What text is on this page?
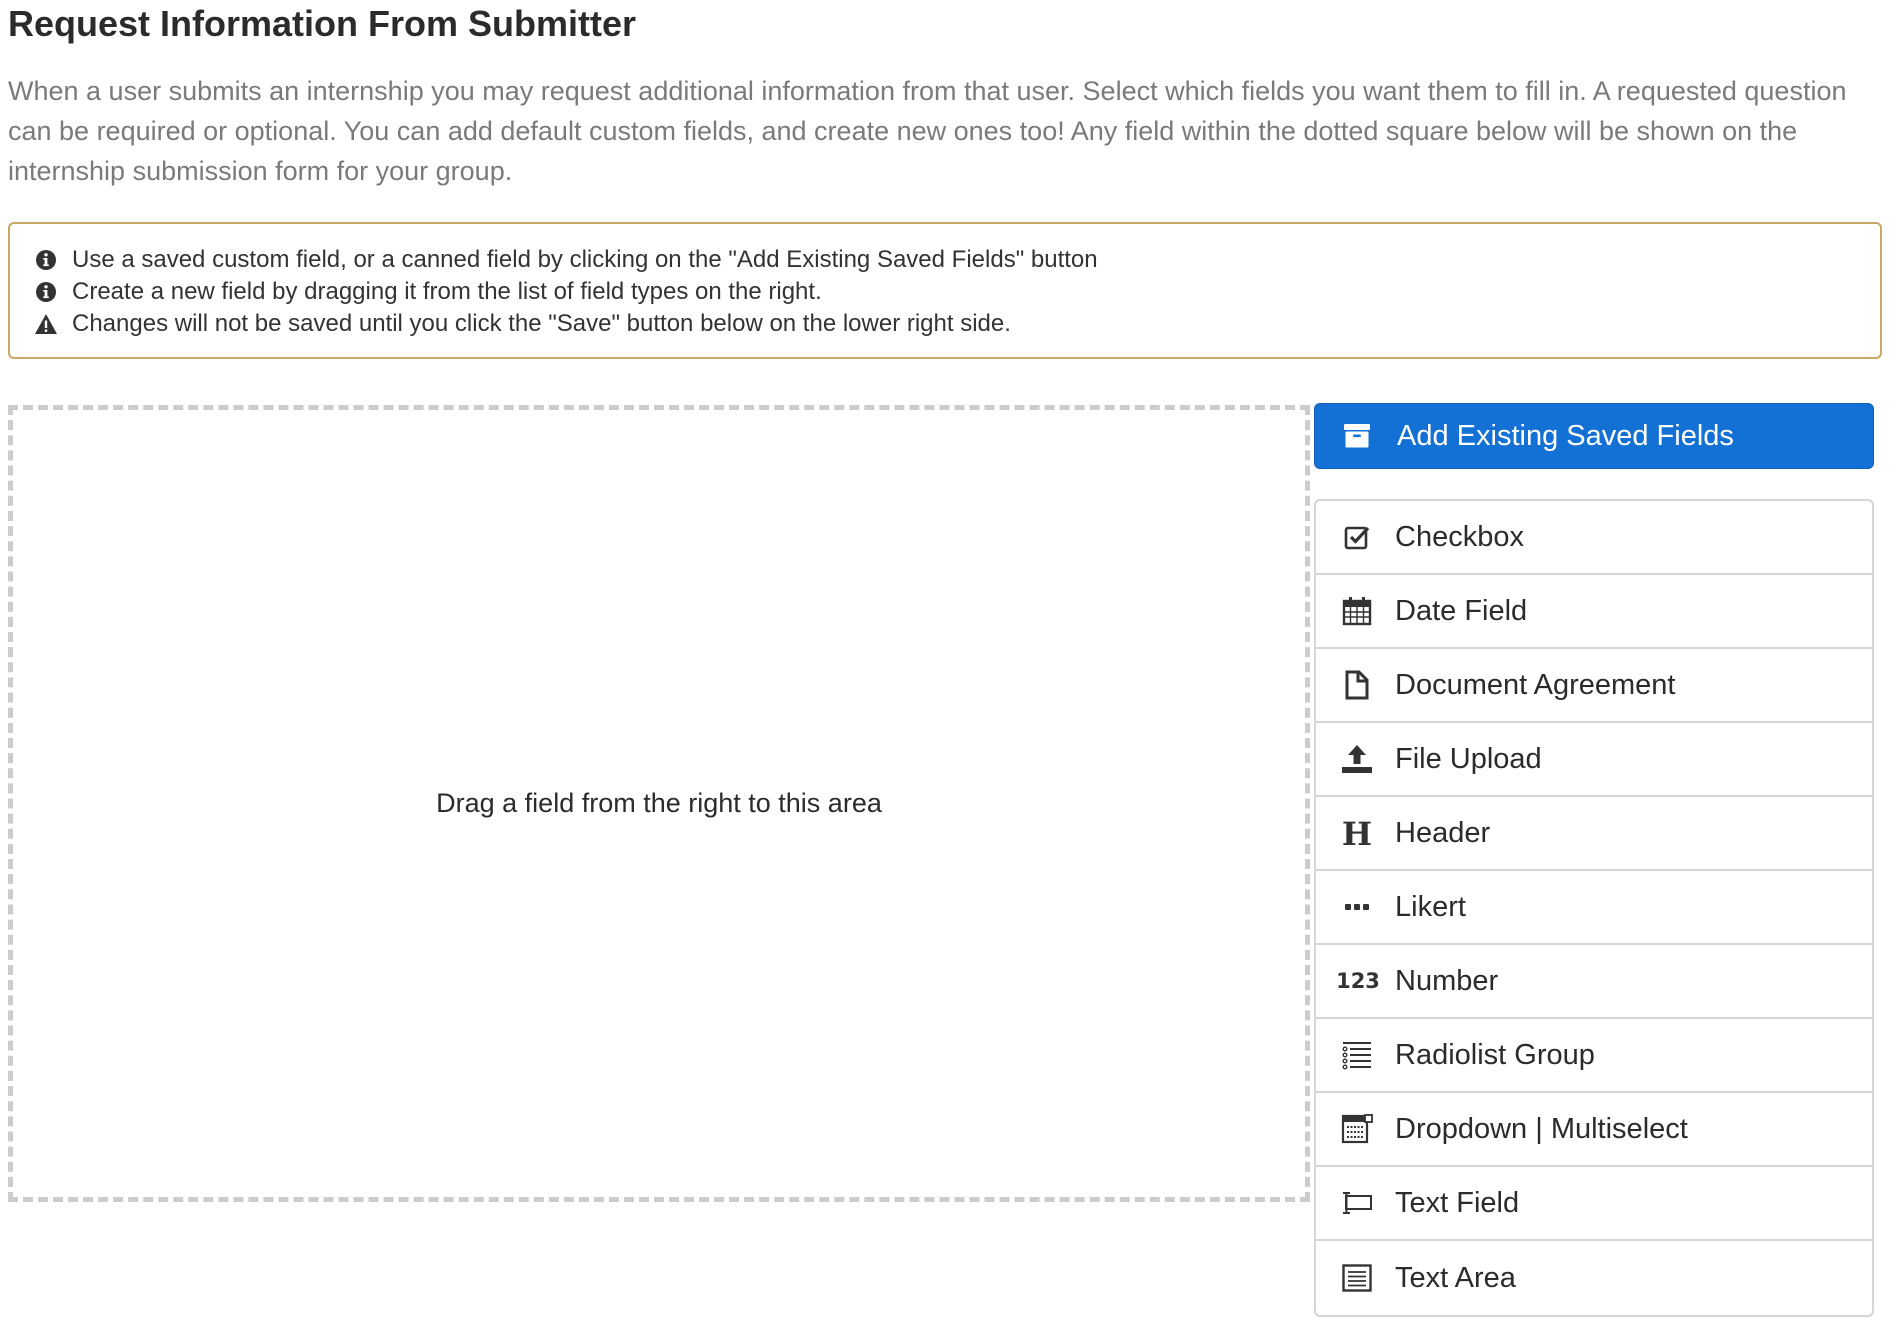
Request Information From Submitter
When a user submits an internship you may request additional information from that user. Select which fields you want them to fill in. A requested question can be required or optional. You can add default custom fields, and create new ones too! Any field within the dotted square below will be shown on the internship submission form for your group.
Use a saved custom field, or a canned field by clicking on the "Add Existing Saved Fields" button
Create a new field by dragging it from the list of field types on the right.
Changes will not be saved until you click the "Save" button below on the lower right side.
Drag a field from the right to this area
Add Existing Saved Fields
Checkbox
Date Field
Document Agreement
File Upload
H Header
Likert
123 Number
Radiolist Group
Dropdown | Multiselect
Text Field
Text Area
